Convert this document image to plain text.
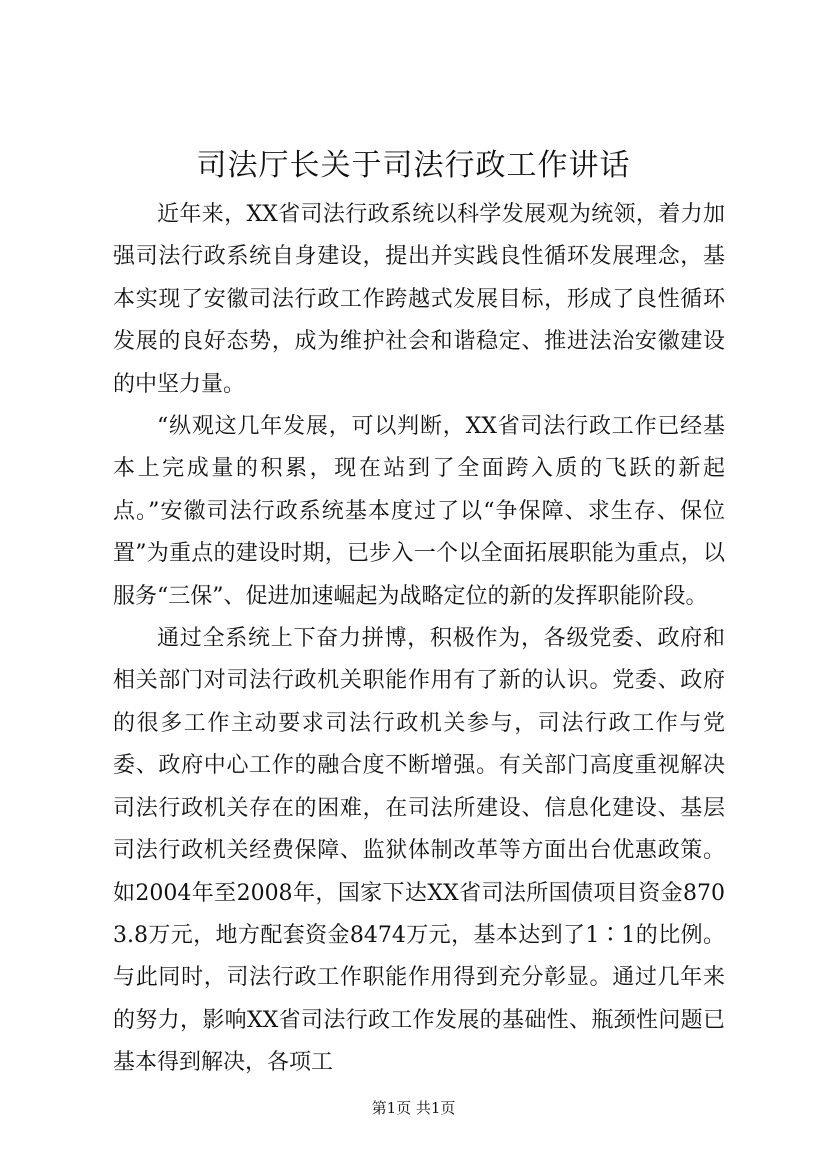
司法厅长关于司法行政工作讲话

近年来，XX省司法行政系统以科学发展观为统领，着力加强司法行政系统自身建设，提出并实践良性循环发展理念，基本实现了安徽司法行政工作跨越式发展目标，形成了良性循环发展的良好态势，成为维护社会和谐稳定、推进法治安徽建设的中坚力量。

“纵观这几年发展，可以判断，XX省司法行政工作已经基本上完成量的积累，现在站到了全面跨入质的飞跃的新起点。”安徽司法行政系统基本度过了以“争保障、求生存、保位置”为重点的建设时期，已步入一个以全面拓展职能为重点，以服务“三保”、促进加速崛起为战略定位的新的发挥职能阶段。

通过全系统上下奋力拼博，积极作为，各级党委、政府和相关部门对司法行政机关职能作用有了新的认识。党委、政府的很多工作主动要求司法行政机关参与，司法行政工作与党委、政府中心工作的融合度不断增强。有关部门高度重视解决司法行政机关存在的困难，在司法所建设、信息化建设、基层司法行政机关经费保障、监狱体制改革等方面出台优惠政策。如2004年至2008年，国家下达XX省司法所国债项目资金8703.8万元，地方配套资金8474万元，基本达到了1∶1的比例。与此同时，司法行政工作职能作用得到充分彰显。通过几年来的努力，影响XX省司法行政工作发展的基础性、瓶颈性问题已基本得到解决，各项工

第1页 共1页
